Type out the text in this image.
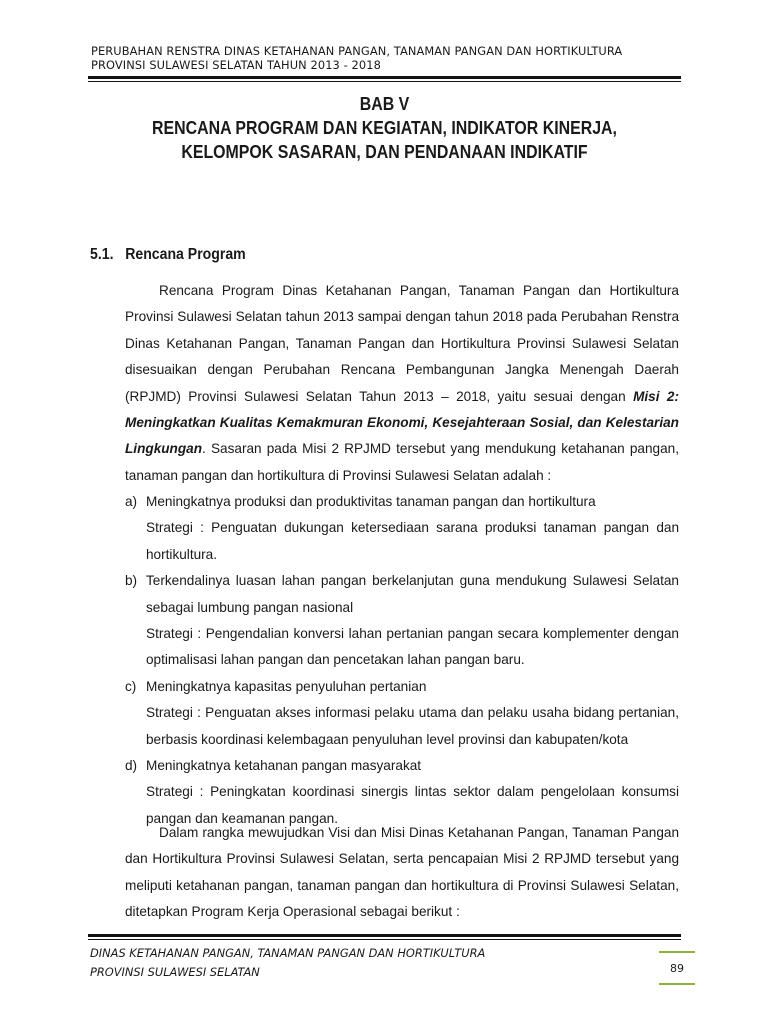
PERUBAHAN RENSTRA DINAS KETAHANAN PANGAN, TANAMAN PANGAN DAN HORTIKULTURA
PROVINSI SULAWESI SELATAN TAHUN 2013 - 2018
BAB V
RENCANA PROGRAM DAN KEGIATAN, INDIKATOR KINERJA,
KELOMPOK SASARAN, DAN PENDANAAN INDIKATIF
5.1. Rencana Program
Rencana Program Dinas Ketahanan Pangan, Tanaman Pangan dan Hortikultura Provinsi Sulawesi Selatan tahun 2013 sampai dengan tahun 2018 pada Perubahan Renstra Dinas Ketahanan Pangan, Tanaman Pangan dan Hortikultura Provinsi Sulawesi Selatan disesuaikan dengan Perubahan Rencana Pembangunan Jangka Menengah Daerah (RPJMD) Provinsi Sulawesi Selatan Tahun 2013 – 2018, yaitu sesuai dengan Misi 2: Meningkatkan Kualitas Kemakmuran Ekonomi, Kesejahteraan Sosial, dan Kelestarian Lingkungan. Sasaran pada Misi 2 RPJMD tersebut yang mendukung ketahanan pangan, tanaman pangan dan hortikultura di Provinsi Sulawesi Selatan adalah :
a) Meningkatnya produksi dan produktivitas tanaman pangan dan hortikultura

Strategi : Penguatan dukungan ketersediaan sarana produksi tanaman pangan dan hortikultura.

b) Terkendalinya luasan lahan pangan berkelanjutan guna mendukung Sulawesi Selatan sebagai lumbung pangan nasional

Strategi : Pengendalian konversi lahan pertanian pangan secara komplementer dengan optimalisasi lahan pangan dan pencetakan lahan pangan baru.

c) Meningkatnya kapasitas penyuluhan pertanian

Strategi : Penguatan akses informasi pelaku utama dan pelaku usaha bidang pertanian, berbasis koordinasi kelembagaan penyuluhan level provinsi dan kabupaten/kota

d) Meningkatnya ketahanan pangan masyarakat

Strategi : Peningkatan koordinasi sinergis lintas sektor dalam pengelolaan konsumsi pangan dan keamanan pangan.

Dalam rangka mewujudkan Visi dan Misi Dinas Ketahanan Pangan, Tanaman Pangan dan Hortikultura Provinsi Sulawesi Selatan, serta pencapaian Misi 2 RPJMD tersebut yang meliputi ketahanan pangan, tanaman pangan dan hortikultura di Provinsi Sulawesi Selatan, ditetapkan Program Kerja Operasional sebagai berikut :
DINAS KETAHANAN PANGAN, TANAMAN PANGAN DAN HORTIKULTURA
PROVINSI SULAWESI SELATAN	89
